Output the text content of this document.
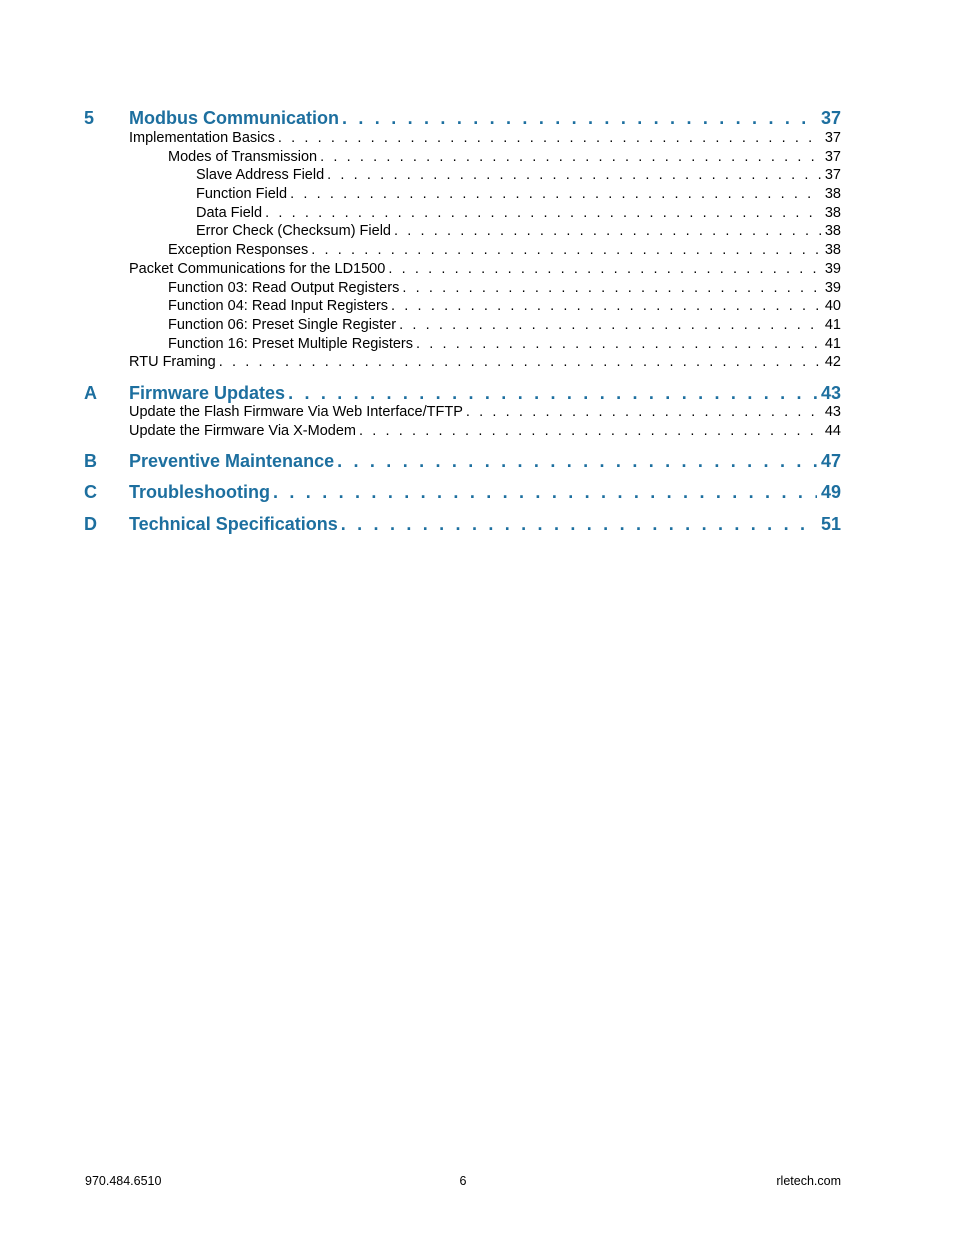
5	Modbus Communication . . .	37
Implementation Basics . . .	37
Modes of Transmission . . .	37
Slave Address Field . . .	37
Function Field . . .	38
Data Field . . .	38
Error Check (Checksum) Field . . .	38
Exception Responses . . .	38
Packet Communications for the LD1500 . . .	39
Function 03: Read Output Registers . . .	39
Function 04: Read Input Registers . . .	40
Function 06: Preset Single Register . . .	41
Function 16: Preset Multiple Registers . . .	41
RTU Framing . . .	42
A	Firmware Updates . . .	43
Update the Flash Firmware Via Web Interface/TFTP . . .	43
Update the Firmware Via X-Modem . . .	44
B	Preventive Maintenance . . .	47
C	Troubleshooting . . .	49
D	Technical Specifications . . .	51
970.484.6510	6	rletech.com
